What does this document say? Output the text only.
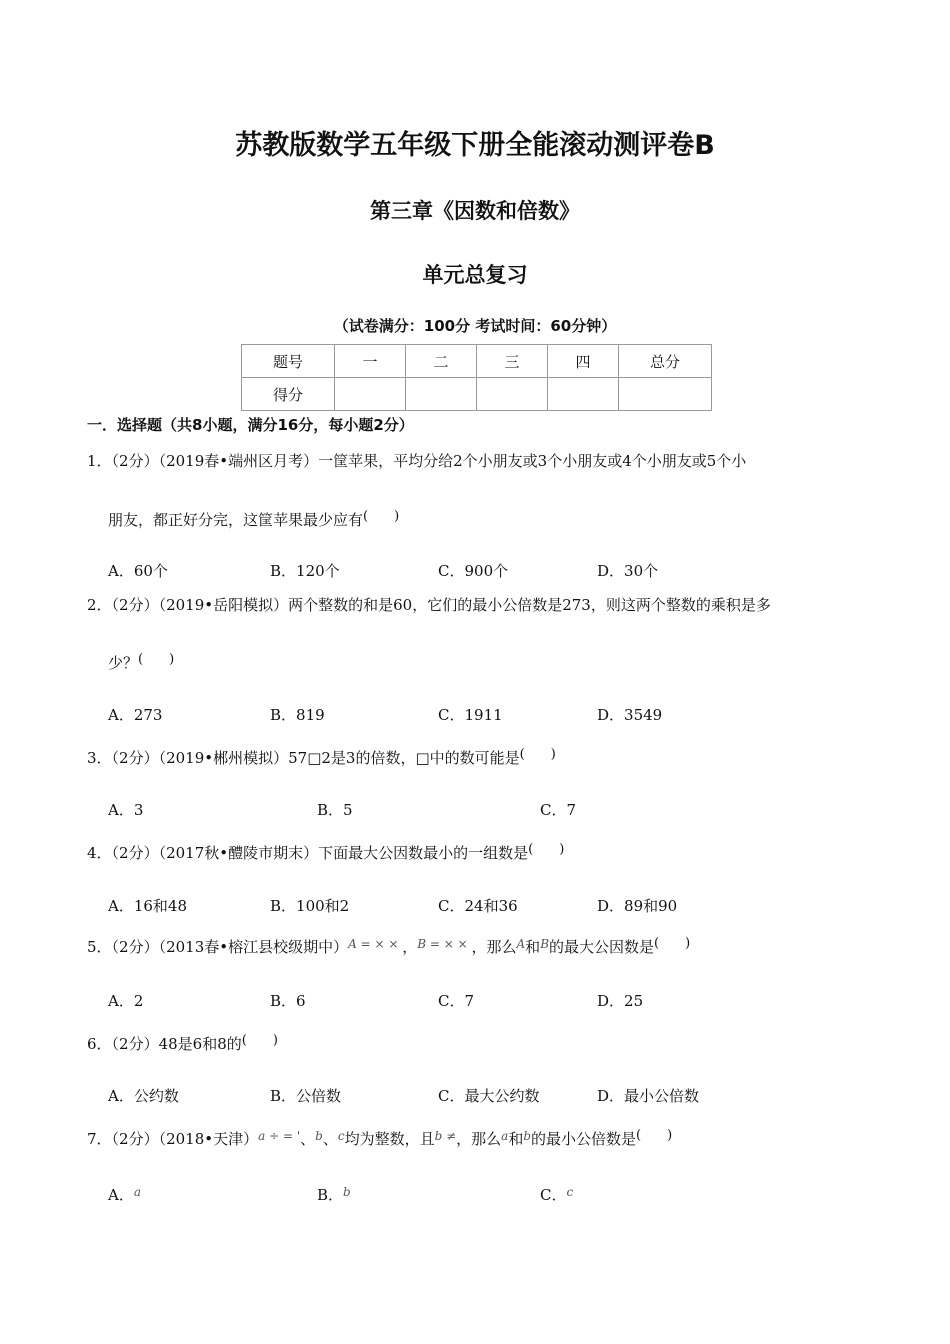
苏教版数学五年级下册全能滚动测评卷B
第三章《因数和倍数》
单元总复习
（试卷满分：100分 考试时间：60分钟）
题号	一	二	三	四	总分
得分					
一．选择题（共8小题，满分16分，每小题2分）
1．（2分）（2019春•端州区月考）一筐苹果，平均分给2个小朋友或3个小朋友或4个小朋友或5个小
朋友，都正好分完，这筐苹果最少应有(　　)
A．60个	B．120个	C．900个	D．30个
2．（2分）（2019•岳阳模拟）两个整数的和是60，它们的最小公倍数是273，则这两个整数的乘积是多
少？(　　)
A．273	B．819	C．1911	D．3549
3．（2分）（2019•郴州模拟）57□2是3的倍数，□中的数可能是(　　)
A．3	B．5	C．7
4．（2分）（2017秋•醴陵市期末）下面最大公因数最小的一组数是(　　)
A．16和48	B．100和2	C．24和36	D．89和90
5．（2分）（2013春•榕江县校级期中）$^{A = \times \times}$ ，$^{B = \times \times}$ ，那么$^A$和$^B$的最大公因数是(　　)
A．2	B．6	C．7	D．25
6．（2分）48是6和8的(　　)
A．公约数	B．公倍数	C．最大公约数	D．最小公倍数
7．（2分）（2018•天津）$^{a \div = '}$、$^b$、$^c$均为整数，且$^{b \ne}$，那么$^a$和$^b$的最小公倍数是(　　)
A．$^a$	B．$^b$	C．$^c$
